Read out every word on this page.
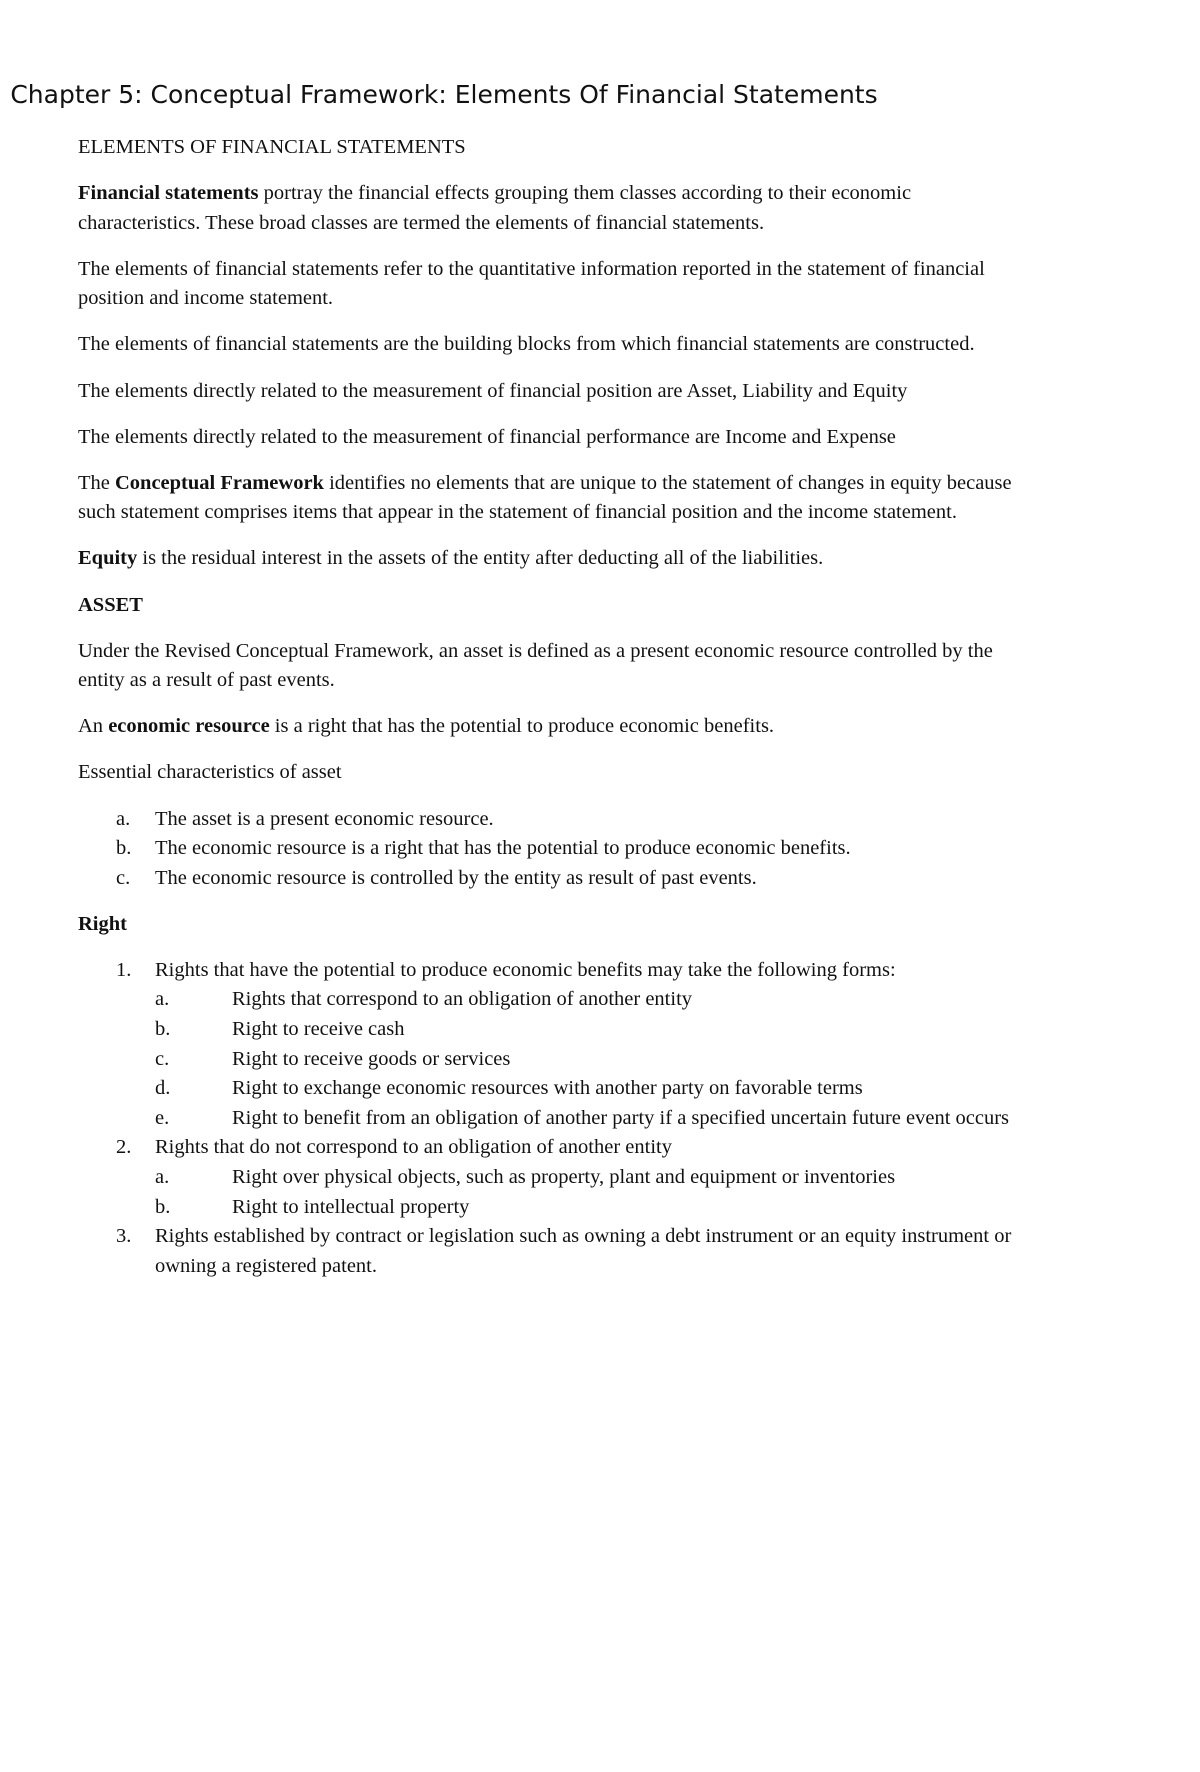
Chapter 5: Conceptual Framework: Elements Of Financial Statements

ELEMENTS OF FINANCIAL STATEMENTS

Financial statements portray the financial effects grouping them classes according to their economic characteristics. These broad classes are termed the elements of financial statements.

The elements of financial statements refer to the quantitative information reported in the statement of financial position and income statement.

The elements of financial statements are the building blocks from which financial statements are constructed.

The elements directly related to the measurement of financial position are Asset, Liability and Equity

The elements directly related to the measurement of financial performance are Income and Expense

The Conceptual Framework identifies no elements that are unique to the statement of changes in equity because such statement comprises items that appear in the statement of financial position and the income statement.

Equity is the residual interest in the assets of the entity after deducting all of the liabilities.

ASSET

Under the Revised Conceptual Framework, an asset is defined as a present economic resource controlled by the entity as a result of past events.

An economic resource is a right that has the potential to produce economic benefits.

Essential characteristics of asset

a. The asset is a present economic resource.
b. The economic resource is a right that has the potential to produce economic benefits.
c. The economic resource is controlled by the entity as result of past events.

Right

1. Rights that have the potential to produce economic benefits may take the following forms:
a.	Rights that correspond to an obligation of another entity
b.	Right to receive cash
c.	Right to receive goods or services
d.	Right to exchange economic resources with another party on favorable terms
e.	Right to benefit from an obligation of another party if a specified uncertain future event occurs
2. Rights that do not correspond to an obligation of another entity
a.	Right over physical objects, such as property, plant and equipment or inventories
b.	Right to intellectual property
3. Rights established by contract or legislation such as owning a debt instrument or an equity instrument or owning a registered patent.
